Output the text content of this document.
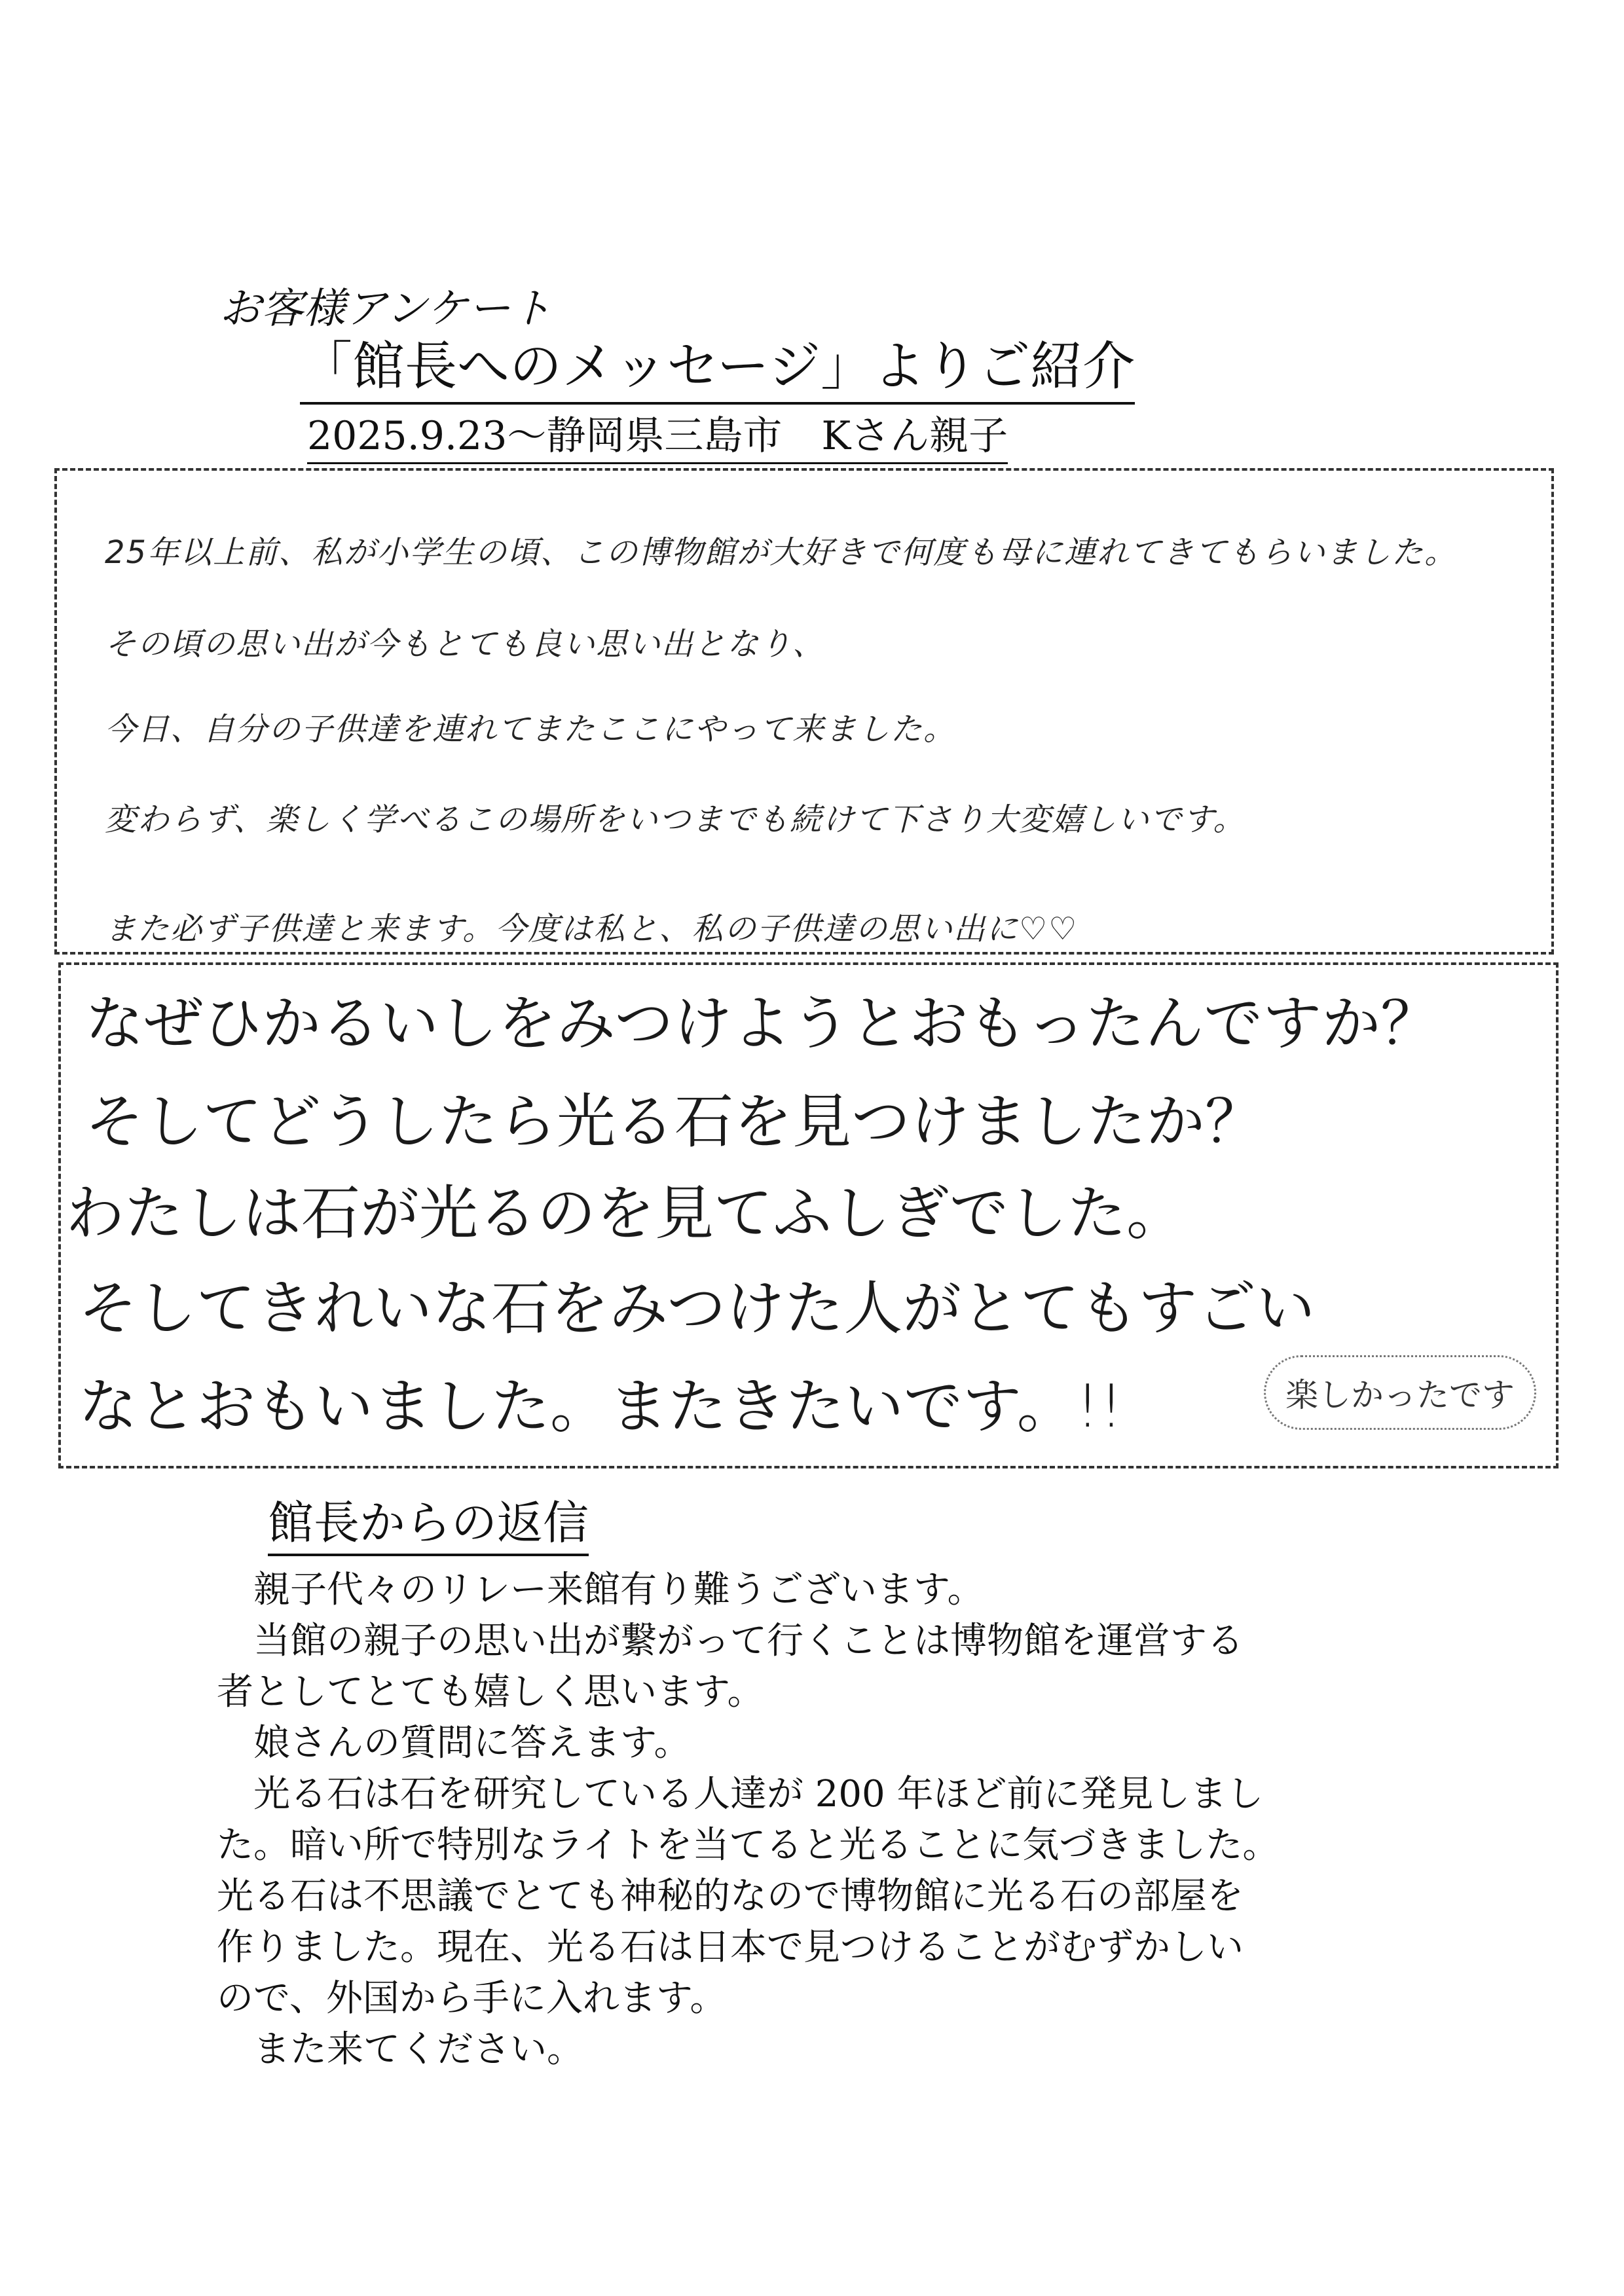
お客様アンケート
「館長へのメッセージ」よりご紹介
2025.9.23～静岡県三島市　Kさん親子
25年以上前、私が小学生の頃、この博物館が大好きで何度も母に連れてきてもらいました。
その頃の思い出が今もとても良い思い出となり、
今日、自分の子供達を連れてまたここにやって来ました。
変わらず、楽しく学べるこの場所をいつまでも続けて下さり大変嬉しいです。
また必ず子供達と来ます。今度は私と、私の子供達の思い出に♡♡
なぜひかるいしをみつけようとおもったんですか？
そしてどうしたら光る石を見つけましたか？
わたしは石が光るのを見てふしぎでした。
そしてきれいな石をみつけた人がとてもすごい
なとおもいました。またきたいです。!!	楽しかったです
館長からの返信

　親子代々のリレー来館有り難うございます。

　当館の親子の思い出が繋がって行くことは博物館を運営する

者としてとても嬉しく思います。

　娘さんの質問に答えます。

　光る石は石を研究している人達が 200 年ほど前に発見しまし

た。暗い所で特別なライトを当てると光ることに気づきました。

光る石は不思議でとても神秘的なので博物館に光る石の部屋を

作りました。現在、光る石は日本で見つけることがむずかしい

ので、外国から手に入れます。

　また来てください。
